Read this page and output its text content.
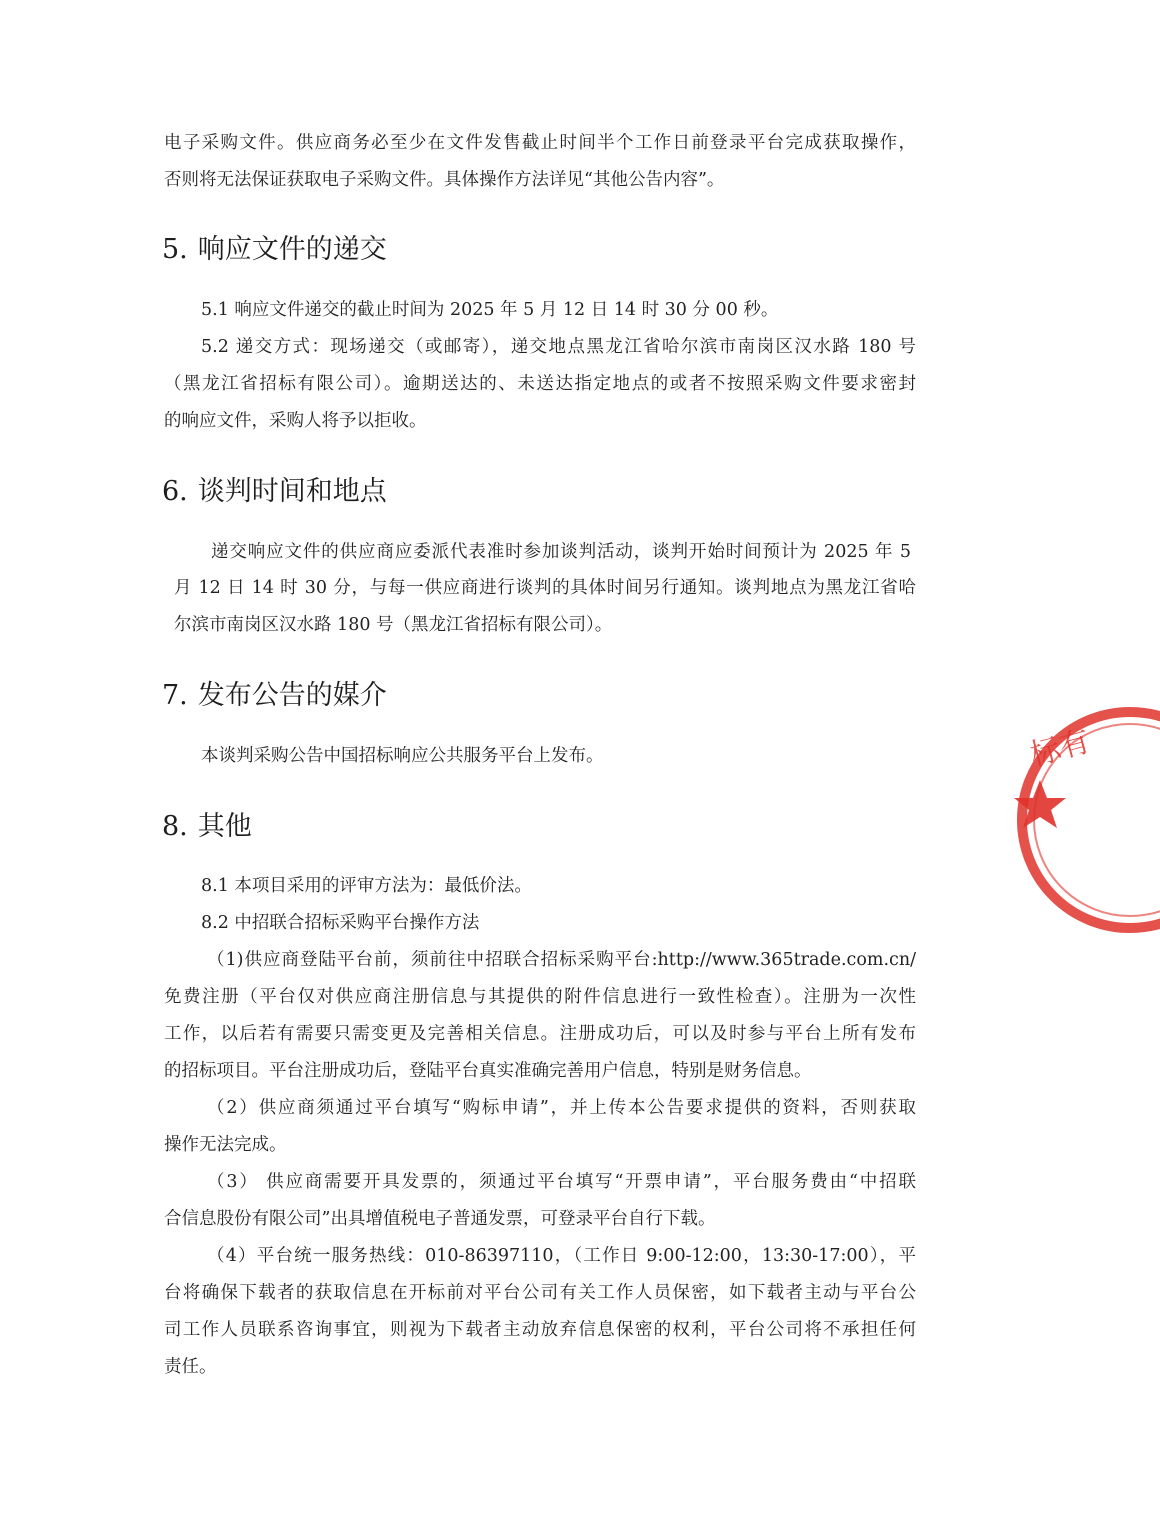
电子采购文件。供应商务必至少在文件发售截止时间半个工作日前登录平台完成获取操作，
否则将无法保证获取电子采购文件。具体操作方法详见“其他公告内容”。
5. 响应文件的递交
5.1 响应文件递交的截止时间为 2025 年 5 月 12 日 14 时 30 分 00 秒。
5.2 递交方式：现场递交（或邮寄），递交地点黑龙江省哈尔滨市南岗区汉水路 180 号
（黑龙江省招标有限公司）。逾期送达的、未送达指定地点的或者不按照采购文件要求密封
的响应文件，采购人将予以拒收。
6. 谈判时间和地点
递交响应文件的供应商应委派代表准时参加谈判活动，谈判开始时间预计为 2025 年 5
月 12 日 14 时 30 分，与每一供应商进行谈判的具体时间另行通知。谈判地点为黑龙江省哈
尔滨市南岗区汉水路 180 号（黑龙江省招标有限公司）。
7. 发布公告的媒介
本谈判采购公告中国招标响应公共服务平台上发布。
8. 其他
8.1 本项目采用的评审方法为：最低价法。
8.2 中招联合招标采购平台操作方法
（1)供应商登陆平台前，须前往中招联合招标采购平台:http://www.365trade.com.cn/
免费注册（平台仅对供应商注册信息与其提供的附件信息进行一致性检查）。注册为一次性
工作，以后若有需要只需变更及完善相关信息。注册成功后，可以及时参与平台上所有发布
的招标项目。平台注册成功后，登陆平台真实准确完善用户信息，特别是财务信息。
（2）供应商须通过平台填写“购标申请”，并上传本公告要求提供的资料，否则获取
操作无法完成。
（3） 供应商需要开具发票的，须通过平台填写“开票申请”，平台服务费由“中招联
合信息股份有限公司”出具增值税电子普通发票，可登录平台自行下载。
（4）平台统一服务热线：010-86397110，（工作日 9:00-12:00，13:30-17:00），平
台将确保下载者的获取信息在开标前对平台公司有关工作人员保密，如下载者主动与平台公
司工作人员联系咨询事宜，则视为下载者主动放弃信息保密的权利，平台公司将不承担任何
责任。
标有
